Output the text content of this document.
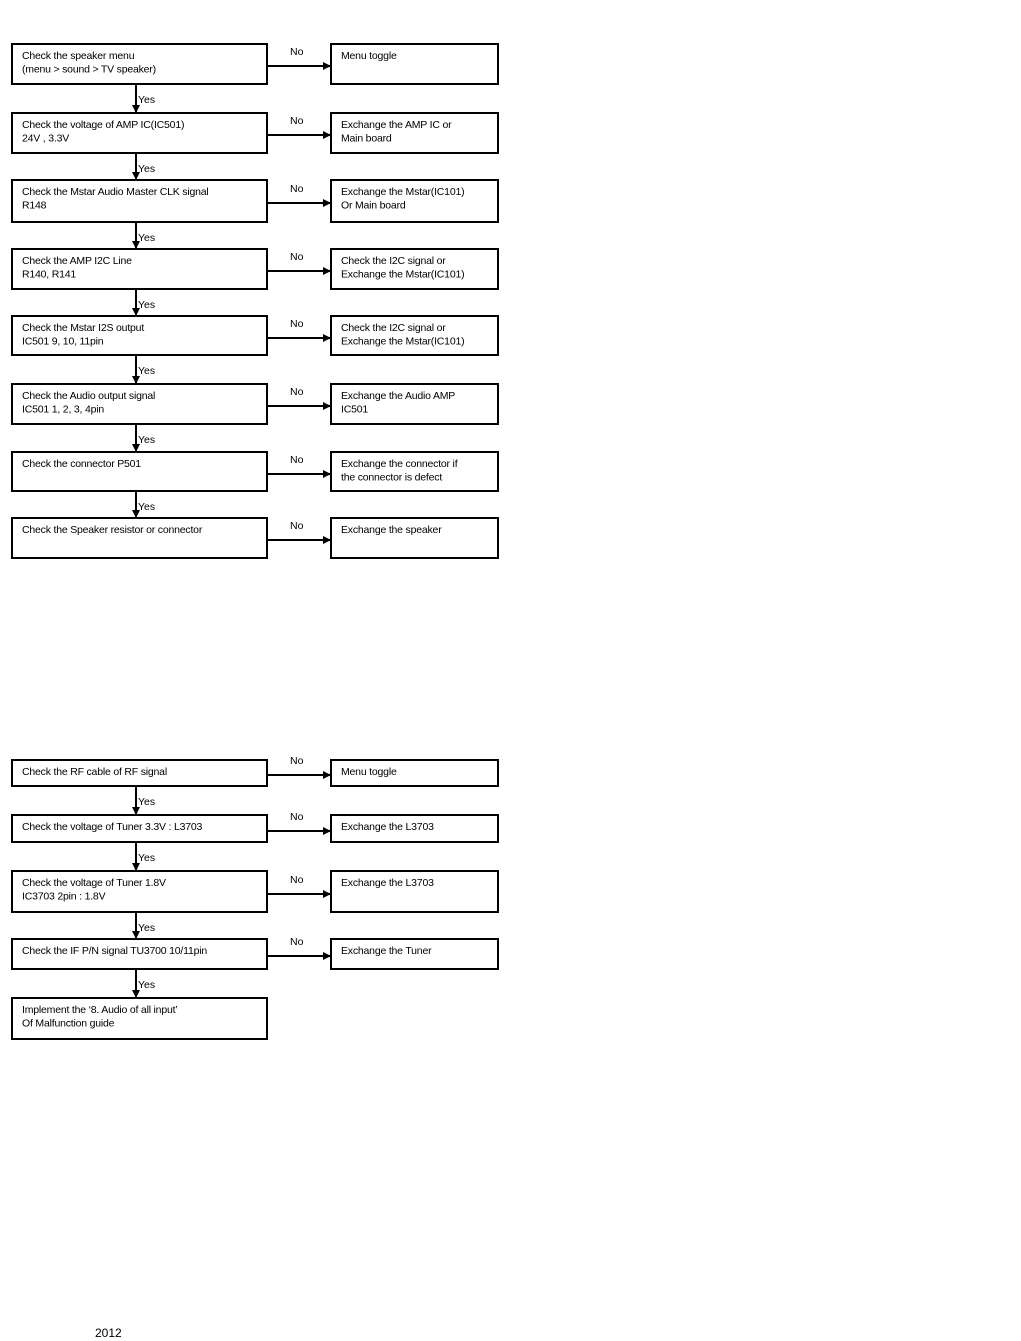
Check the speaker menu
(menu > sound > TV speaker)
No	Menu toggle
Yes
Check the voltage of AMP IC(IC501)
24V , 3.3V
No	Exchange the AMP IC or
Main board
Yes
Check the Mstar Audio Master CLK signal
R148
No	Exchange the Mstar(IC101)
Or Main board
Yes
Check the AMP I2C Line
R140, R141
No	Check the I2C signal or
Exchange the Mstar(IC101)
Yes
Check the Mstar I2S output
IC501 9, 10, 11pin
No	Check the I2C signal or
Exchange the Mstar(IC101)
Yes
Check the Audio output signal
IC501 1, 2, 3, 4pin
No	Exchange the Audio AMP
IC501
Yes
Check the connector P501	No	Exchange the connector if
the connector is defect
Yes
Check the Speaker resistor or connector	No	Exchange the speaker
Check the RF cable of RF signal
No
Menu toggle
Yes
Check the voltage of Tuner 3.3V : L3703
No
Exchange the L3703
Yes
Check the voltage of Tuner 1.8V
IC3703 2pin : 1.8V
No	Exchange the L3703
Yes
Check the IF P/N signal TU3700 10/11pin
No
Exchange the Tuner
Yes
Implement the ‘8. Audio of all input’
Of Malfunction guide
2012
